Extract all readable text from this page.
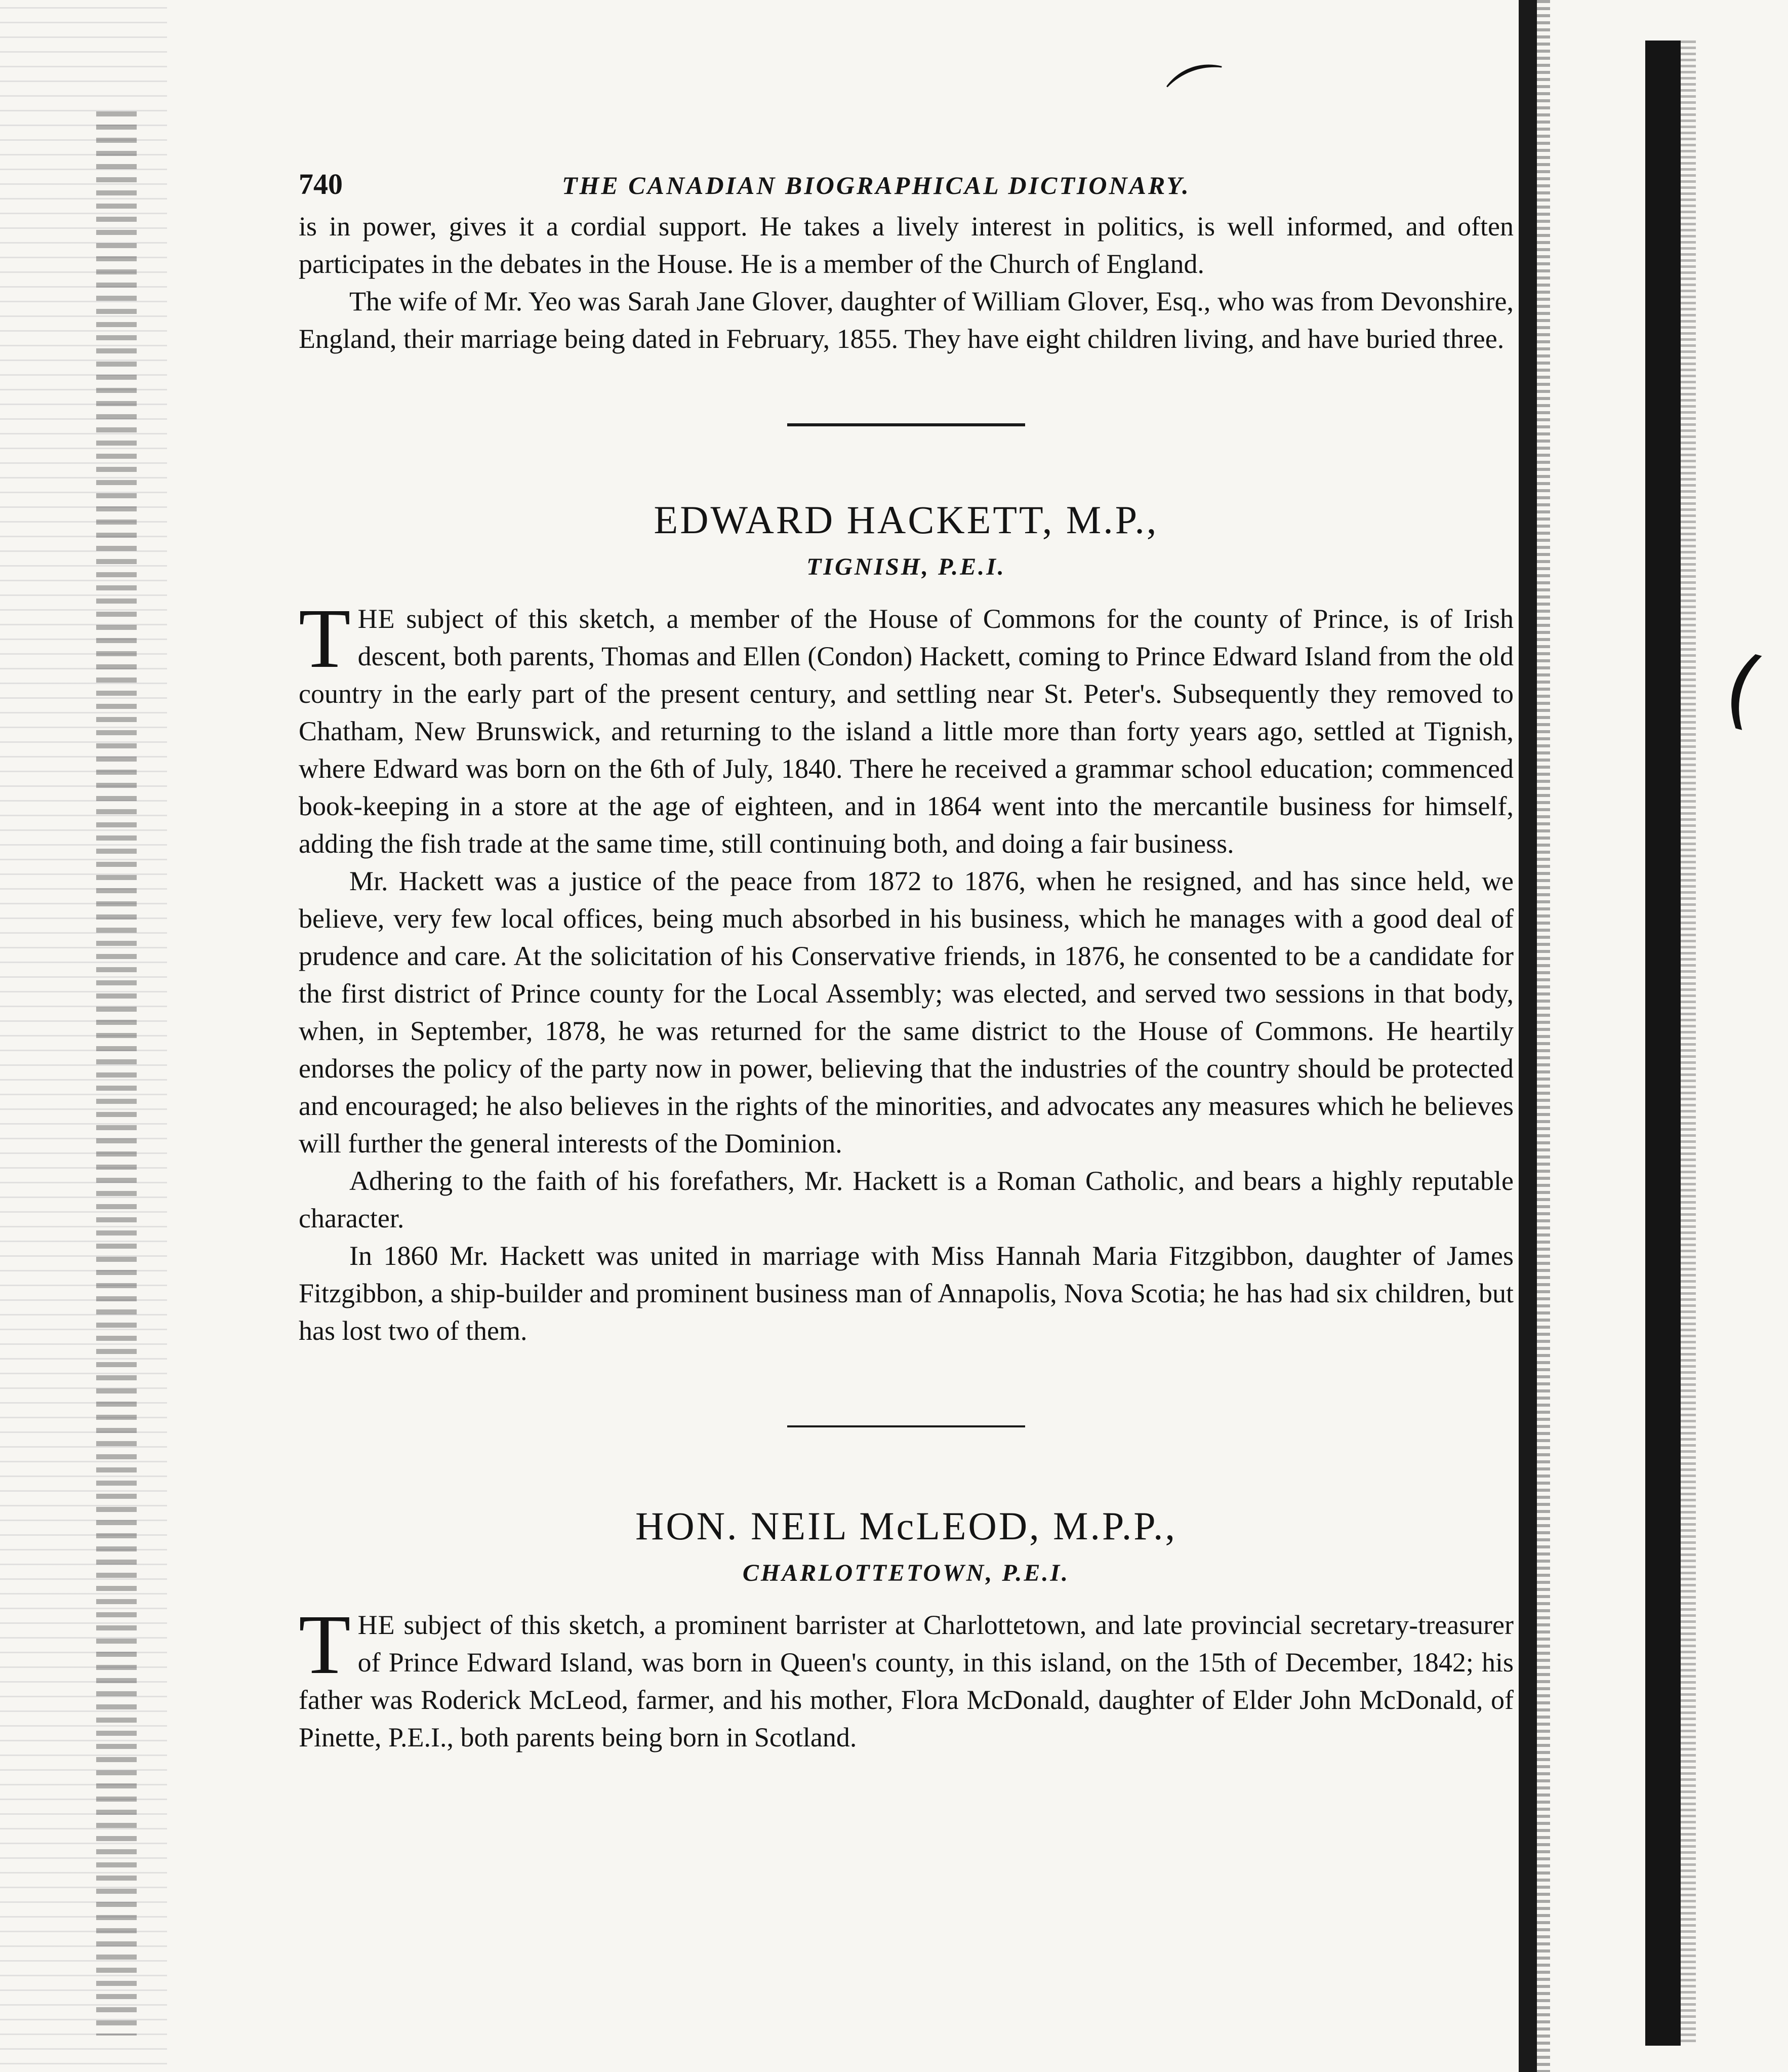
⌒
(
740	THE CANADIAN BIOGRAPHICAL DICTIONARY.

is in power, gives it a cordial support. He takes a lively interest in politics, is well informed, and often participates in the debates in the House. He is a member of the Church of England.

The wife of Mr. Yeo was Sarah Jane Glover, daughter of William Glover, Esq., who was from Devonshire, England, their marriage being dated in February, 1855. They have eight children living, and have buried three.

EDWARD HACKETT, M.P.,
TIGNISH, P.E.I.

THE subject of this sketch, a member of the House of Commons for the county of Prince, is of Irish descent, both parents, Thomas and Ellen (Condon) Hackett, coming to Prince Edward Island from the old country in the early part of the present century, and settling near St. Peter's. Subsequently they removed to Chatham, New Brunswick, and returning to the island a little more than forty years ago, settled at Tignish, where Edward was born on the 6th of July, 1840. There he received a grammar school education; commenced book-keeping in a store at the age of eighteen, and in 1864 went into the mercantile business for himself, adding the fish trade at the same time, still continuing both, and doing a fair business.

Mr. Hackett was a justice of the peace from 1872 to 1876, when he resigned, and has since held, we believe, very few local offices, being much absorbed in his business, which he manages with a good deal of prudence and care. At the solicitation of his Conservative friends, in 1876, he consented to be a candidate for the first district of Prince county for the Local Assembly; was elected, and served two sessions in that body, when, in September, 1878, he was returned for the same district to the House of Commons. He heartily endorses the policy of the party now in power, believing that the industries of the country should be protected and encouraged; he also believes in the rights of the minorities, and advocates any measures which he believes will further the general interests of the Dominion.

Adhering to the faith of his forefathers, Mr. Hackett is a Roman Catholic, and bears a highly reputable character.

In 1860 Mr. Hackett was united in marriage with Miss Hannah Maria Fitzgibbon, daughter of James Fitzgibbon, a ship-builder and prominent business man of Annapolis, Nova Scotia; he has had six children, but has lost two of them.

HON. NEIL McLEOD, M.P.P.,
CHARLOTTETOWN, P.E.I.

THE subject of this sketch, a prominent barrister at Charlottetown, and late provincial secretary-treasurer of Prince Edward Island, was born in Queen's county, in this island, on the 15th of December, 1842; his father was Roderick McLeod, farmer, and his mother, Flora McDonald, daughter of Elder John McDonald, of Pinette, P.E.I., both parents being born in Scotland.
